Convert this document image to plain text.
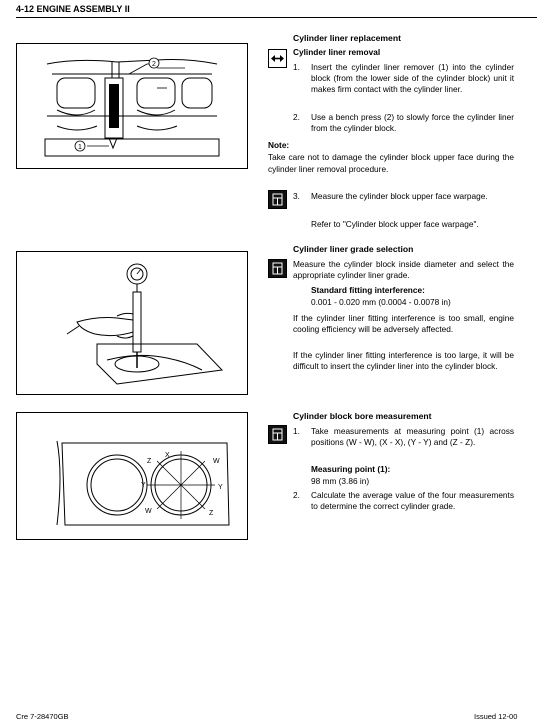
4-12 ENGINE ASSEMBLY II
1
2
X
W
Y
Z
W
Y
Z
Cylinder liner replacement
Cylinder liner removal
1. Insert the cylinder liner remover (1) into the cylinder block (from the lower side of the cylinder block) unit it makes firm contact with the cylinder liner.
2. Use a bench press (2) to slowly force the cylinder liner from the cylinder block.
Note:
Take care not to damage the cylinder block upper face during the cylinder liner removal procedure.
3. Measure the cylinder block upper face warpage.
Refer to "Cylinder block upper face warpage".
Cylinder liner grade selection
Measure the cylinder block inside diameter and select the appropriate cylinder liner grade.
Standard fitting interference:
0.001 - 0.020 mm (0.0004 - 0.0078 in)
If the cylinder liner fitting interference is too small, engine cooling efficiency will be adversely affected.
If the cylinder liner fitting interference is too large, it will be difficult to insert the cylinder liner into the cylinder block.
Cylinder block bore measurement
1. Take measurements at measuring point (1) across positions (W - W), (X - X), (Y - Y) and (Z - Z).
Measuring point (1):
98 mm (3.86 in)
2. Calculate the average value of the four measurements to determine the correct cylinder grade.
Cre 7-28470GB	Issued 12-00
